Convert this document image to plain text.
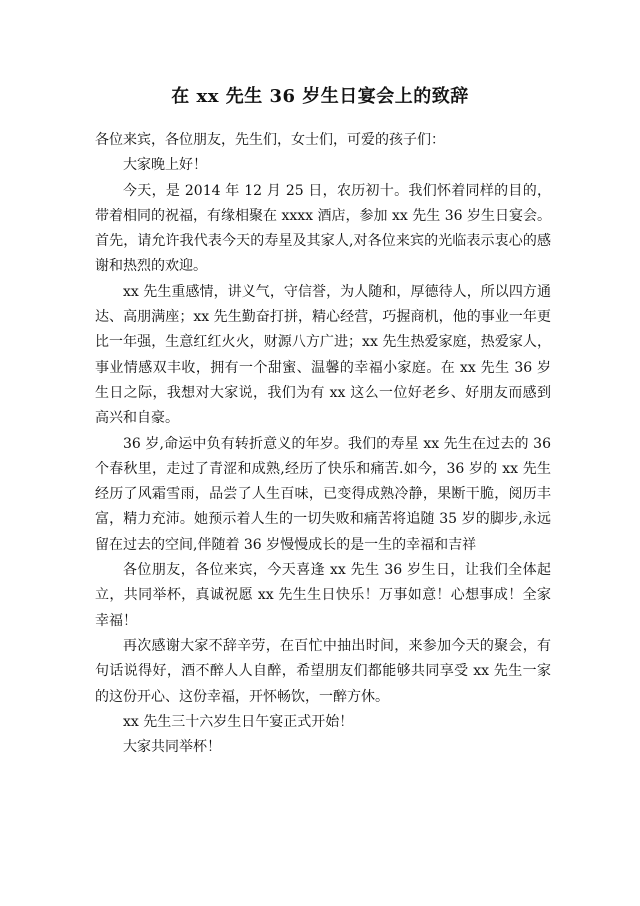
在 xx 先生 36 岁生日宴会上的致辞

各位来宾，各位朋友，先生们，女士们，可爱的孩子们：

大家晚上好！

今天，是 2014 年 12 月 25 日，农历初十。我们怀着同样的目的，带着相同的祝福，有缘相聚在 xxxx 酒店，参加 xx 先生 36 岁生日宴会。首先，请允许我代表今天的寿星及其家人,对各位来宾的光临表示衷心的感谢和热烈的欢迎。

xx 先生重感情，讲义气，守信誉，为人随和，厚德待人，所以四方通达、高朋满座；xx 先生勤奋打拼，精心经营，巧握商机，他的事业一年更比一年强，生意红红火火，财源八方广进；xx 先生热爱家庭，热爱家人，事业情感双丰收，拥有一个甜蜜、温馨的幸福小家庭。在 xx 先生 36 岁生日之际，我想对大家说，我们为有 xx 这么一位好老乡、好朋友而感到高兴和自豪。

36 岁,命运中负有转折意义的年岁。我们的寿星 xx 先生在过去的 36 个春秋里，走过了青涩和成熟,经历了快乐和痛苦.如今，36 岁的 xx 先生经历了风霜雪雨，品尝了人生百味，已变得成熟冷静，果断干脆，阅历丰富，精力充沛。她预示着人生的一切失败和痛苦将追随 35 岁的脚步,永远留在过去的空间,伴随着 36 岁慢慢成长的是一生的幸福和吉祥

各位朋友，各位来宾，今天喜逢 xx 先生 36 岁生日，让我们全体起立，共同举杯，真诚祝愿 xx 先生生日快乐！万事如意！心想事成！全家幸福！

再次感谢大家不辞辛劳，在百忙中抽出时间，来参加今天的聚会，有句话说得好，酒不醉人人自醉，希望朋友们都能够共同享受 xx 先生一家的这份开心、这份幸福，开怀畅饮，一醉方休。

xx 先生三十六岁生日午宴正式开始！

大家共同举杯！
